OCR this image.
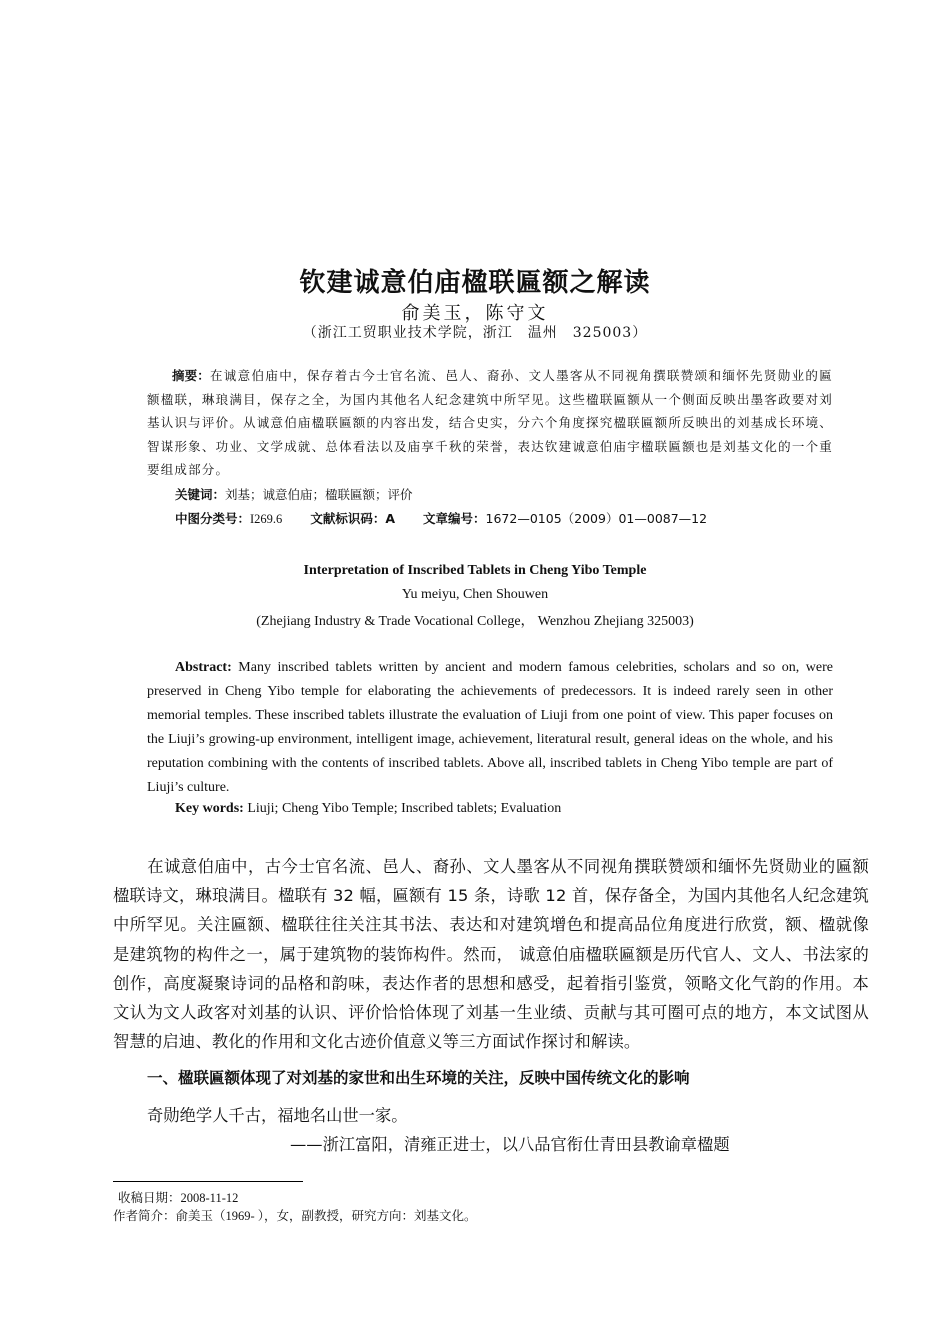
钦建诚意伯庙楹联匾额之解读
俞美玉，陈守文
（浙江工贸职业技术学院，浙江　温州　325003）
摘要：在诚意伯庙中，保存着古今士官名流、邑人、裔孙、文人墨客从不同视角撰联赞颂和缅怀先贤勋业的匾额楹联，琳琅满目，保存之全，为国内其他名人纪念建筑中所罕见。这些楹联匾额从一个侧面反映出墨客政要对刘基认识与评价。从诚意伯庙楹联匾额的内容出发，结合史实，分六个角度探究楹联匾额所反映出的刘基成长环境、智谋形象、功业、文学成就、总体看法以及庙享千秋的荣誉，表达钦建诚意伯庙宇楹联匾额也是刘基文化的一个重要组成部分。
关键词：刘基；诚意伯庙；楹联匾额；评价
中图分类号：I269.6 文献标识码：A 文章编号：1672—0105（2009）01—0087—12
Interpretation of Inscribed Tablets in Cheng Yibo Temple
Yu meiyu, Chen Shouwen
(Zhejiang Industry & Trade Vocational College， Wenzhou Zhejiang 325003)
Abstract: Many inscribed tablets written by ancient and modern famous celebrities, scholars and so on, were preserved in Cheng Yibo temple for elaborating the achievements of predecessors. It is indeed rarely seen in other memorial temples. These inscribed tablets illustrate the evaluation of Liuji from one point of view. This paper focuses on the Liuji’s growing-up environment, intelligent image, achievement, literatural result, general ideas on the whole, and his reputation combining with the contents of inscribed tablets. Above all, inscribed tablets in Cheng Yibo temple are part of Liuji’s culture.
Key words: Liuji; Cheng Yibo Temple; Inscribed tablets; Evaluation
在诚意伯庙中，古今士官名流、邑人、裔孙、文人墨客从不同视角撰联赞颂和缅怀先贤勋业的匾额楹联诗文，琳琅满目。楹联有 32 幅，匾额有 15 条，诗歌 12 首，保存备全，为国内其他名人纪念建筑中所罕见。关注匾额、楹联往往关注其书法、表达和对建筑增色和提高品位角度进行欣赏，额、楹就像是建筑物的构件之一，属于建筑物的装饰构件。然而， 诚意伯庙楹联匾额是历代官人、文人、书法家的创作，高度凝聚诗词的品格和韵味，表达作者的思想和感受，起着指引鉴赏，领略文化气韵的作用。本文认为文人政客对刘基的认识、评价恰恰体现了刘基一生业绩、贡献与其可圈可点的地方，本文试图从智慧的启迪、教化的作用和文化古迹价值意义等三方面试作探讨和解读。
一、楹联匾额体现了对刘基的家世和出生环境的关注，反映中国传统文化的影响
奇勋绝学人千古，福地名山世一家。
——浙江富阳，清雍正进士，以八品官衔仕青田县教谕章楹题
收稿日期：2008-11-12
作者简介：俞美玉（1969- ），女，副教授，研究方向：刘基文化。
